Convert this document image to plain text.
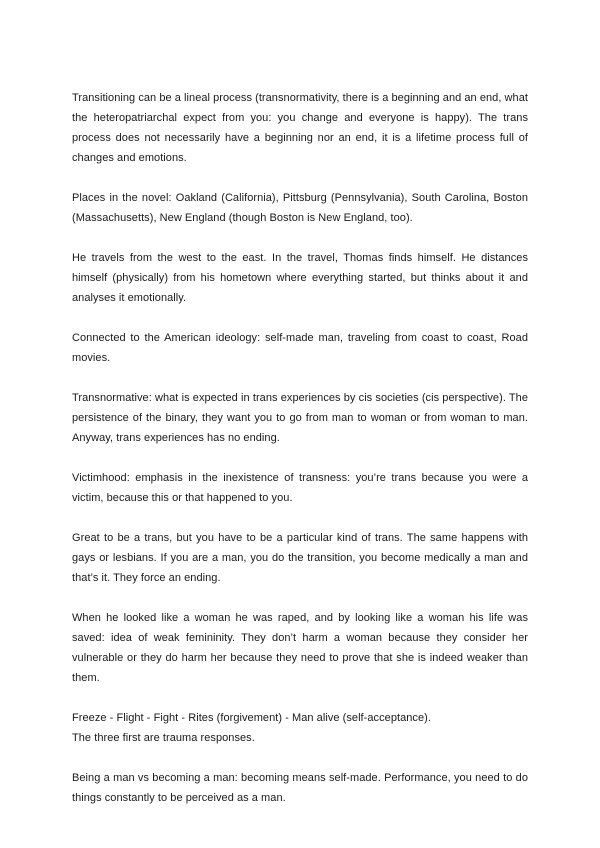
Transitioning can be a lineal process (transnormativity, there is a beginning and an end, what the heteropatriarchal expect from you: you change and everyone is happy). The trans process does not necessarily have a beginning nor an end, it is a lifetime process full of changes and emotions.

Places in the novel: Oakland (California), Pittsburg (Pennsylvania), South Carolina, Boston (Massachusetts), New England (though Boston is New England, too).

He travels from the west to the east. In the travel, Thomas finds himself. He distances himself (physically) from his hometown where everything started, but thinks about it and analyses it emotionally.

Connected to the American ideology: self-made man, traveling from coast to coast, Road movies.

Transnormative: what is expected in trans experiences by cis societies (cis perspective). The persistence of the binary, they want you to go from man to woman or from woman to man. Anyway, trans experiences has no ending.

Victimhood: emphasis in the inexistence of transness: you’re trans because you were a victim, because this or that happened to you.

Great to be a trans, but you have to be a particular kind of trans. The same happens with gays or lesbians. If you are a man, you do the transition, you become medically a man and that’s it. They force an ending.

When he looked like a woman he was raped, and by looking like a woman his life was saved: idea of weak femininity. They don’t harm a woman because they consider her vulnerable or they do harm her because they need to prove that she is indeed weaker than them.

Freeze - Flight - Fight - Rites (forgivement) - Man alive (self-acceptance).
The three first are trauma responses.

Being a man vs becoming a man: becoming means self-made. Performance, you need to do things constantly to be perceived as a man.
